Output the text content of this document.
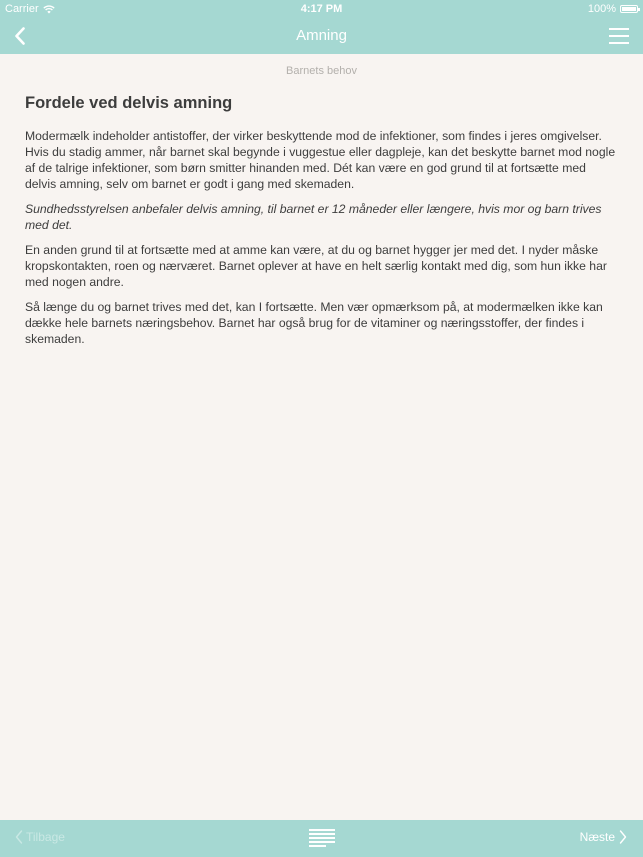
Carrier	4:17 PM	100%
Amning
Barnets behov
Fordele ved delvis amning

Modermælk indeholder antistoffer, der virker beskyttende mod de infektioner, som findes i jeres omgivelser. Hvis du stadig ammer, når barnet skal begynde i vuggestue eller dagpleje, kan det beskytte barnet mod nogle af de talrige infektioner, som børn smitter hinanden med. Dét kan være en god grund til at fortsætte med delvis amning, selv om barnet er godt i gang med skemaden.

Sundhedsstyrelsen anbefaler delvis amning, til barnet er 12 måneder eller længere, hvis mor og barn trives med det.

En anden grund til at fortsætte med at amme kan være, at du og barnet hygger jer med det. I nyder måske kropskontakten, roen og nærværet. Barnet oplever at have en helt særlig kontakt med dig, som hun ikke har med nogen andre.

Så længe du og barnet trives med det, kan I fortsætte. Men vær opmærksom på, at modermælken ikke kan dække hele barnets næringsbehov. Barnet har også brug for de vitaminer og næringsstoffer, der findes i skemaden.

Tilbage	Næste
